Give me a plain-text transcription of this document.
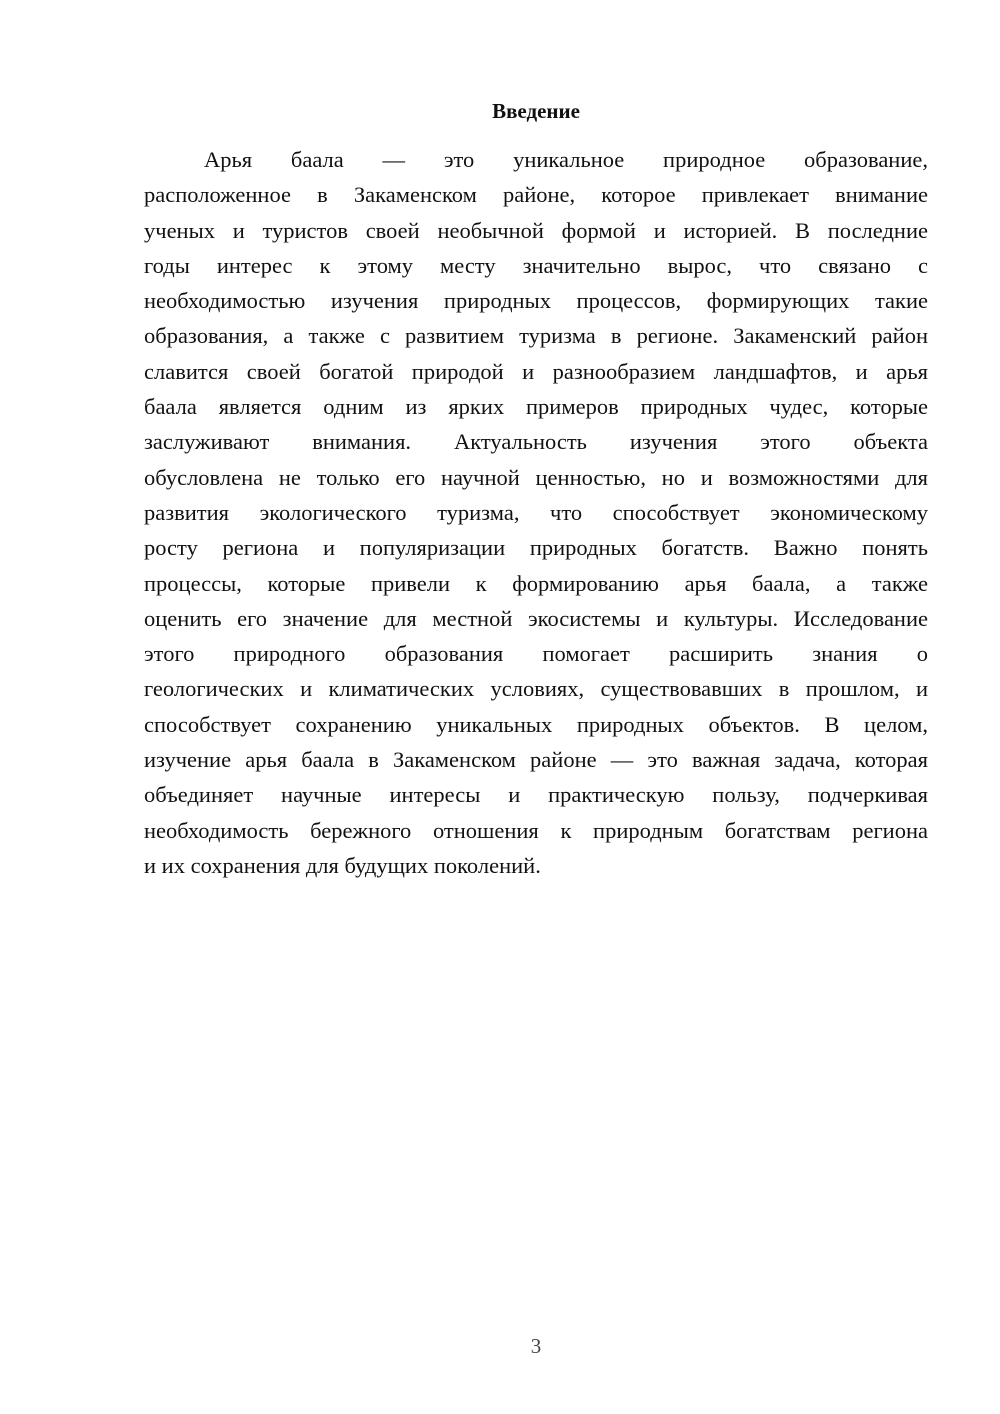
Введение
Арья баала — это уникальное природное образование,
расположенное в Закаменском районе, которое привлекает внимание
ученых и туристов своей необычной формой и историей. В последние
годы интерес к этому месту значительно вырос, что связано с
необходимостью изучения природных процессов, формирующих такие
образования, а также с развитием туризма в регионе. Закаменский район
славится своей богатой природой и разнообразием ландшафтов, и арья
баала является одним из ярких примеров природных чудес, которые
заслуживают внимания. Актуальность изучения этого объекта
обусловлена не только его научной ценностью, но и возможностями для
развития экологического туризма, что способствует экономическому
росту региона и популяризации природных богатств. Важно понять
процессы, которые привели к формированию арья баала, а также
оценить его значение для местной экосистемы и культуры. Исследование
этого природного образования помогает расширить знания о
геологических и климатических условиях, существовавших в прошлом, и
способствует сохранению уникальных природных объектов. В целом,
изучение арья баала в Закаменском районе — это важная задача, которая
объединяет научные интересы и практическую пользу, подчеркивая
необходимость бережного отношения к природным богатствам региона
и их сохранения для будущих поколений.
3
